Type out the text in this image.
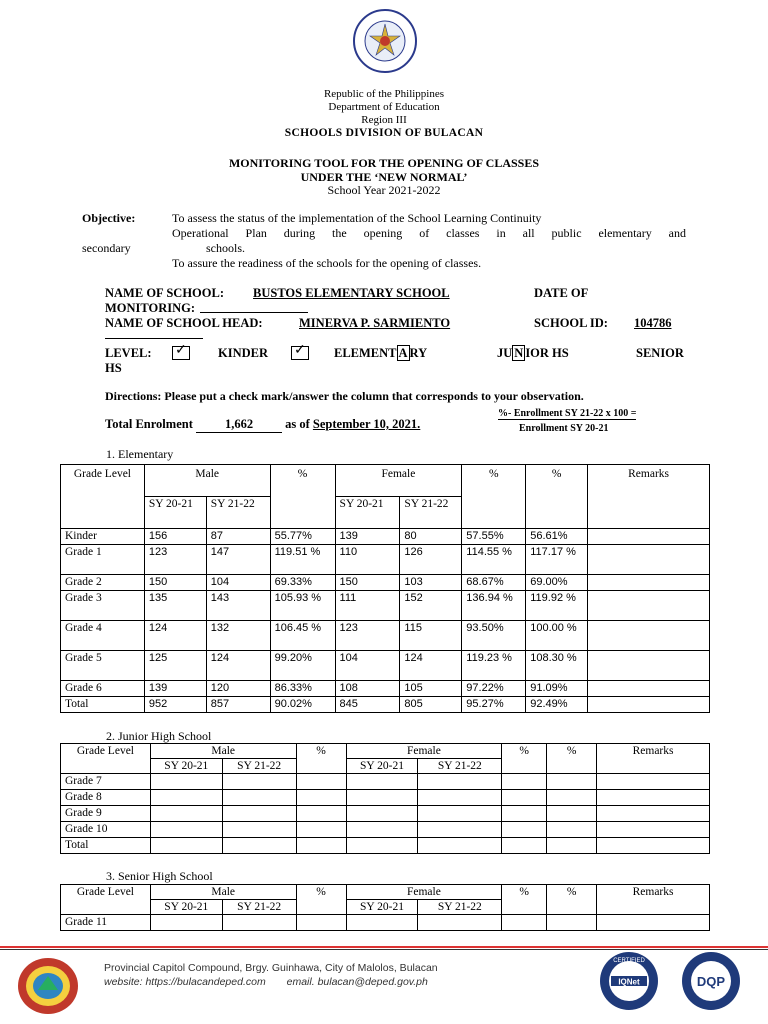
Republic of the Philippines
Department of Education
Region III
SCHOOLS DIVISION OF BULACAN
MONITORING TOOL FOR THE OPENING OF CLASSES
UNDER THE ‘NEW NORMAL’
School Year 2021-2022
Objective:	To assess the status of the implementation of the School Learning Continuity
Operational Plan during the opening of classes in all public elementary and
secondary	schools.
To assure the readiness of the schools for the opening of classes.
NAME OF SCHOOL: BUSTOS ELEMENTARY SCHOOL	DATE OF
MONITORING:
NAME OF SCHOOL HEAD:	MINERVA P. SARMIENTO	SCHOOL ID: 104786
LEVEL: ✓
	KINDER ✓ ELEMENT A RY	JU N IOR HS	SENIOR
HS
Directions: Please put a check mark/answer the column that corresponds to your observation.
Total Enrolment	1,662	as of September 10, 2021.
%- Enrollment SY 21-22 x 100 =
Enrollment SY 20-21
1. Elementary
Grade Level	Male		%	Female		%	%	Remarks
	SY 20-21	SY 21-22		SY 20-21	SY 21-22			
Kinder	156	87	55.77%	139	80	57.55%	56.61%	
Grade 1	123	147	119.51 %	110	126	114.55 %	117.17 %	
Grade 2	150	104	69.33%	150	103	68.67%	69.00%	
Grade 3	135	143	105.93 %	111	152	136.94 %	119.92 %	
Grade 4	124	132	106.45 %	123	115	93.50%	100.00 %	
Grade 5	125	124	99.20%	104	124	119.23 %	108.30 %	
Grade 6	139	120	86.33%	108	105	97.22%	91.09%	
Total	952	857	90.02%	845	805	95.27%	92.49%	
2. Junior High School
Grade Level	Male		%	Female		%	%	Remarks
	SY 20-21	SY 21-22		SY 20-21	SY 21-22			
Grade 7								
Grade 8								
Grade 9								
Grade 10								
Total								
3. Senior High School
Grade Level	Male		%	Female		%	%	Remarks
	SY 20-21	SY 21-22		SY 20-21	SY 21-22			
Grade 11								
Provincial Capitol Compound, Brgy. Guinhawa, City of Malolos, Bulacan
website: https://bulacandeped.com email. bulacan@deped.gov.ph	IQNet
CERTIFIED
DQP
